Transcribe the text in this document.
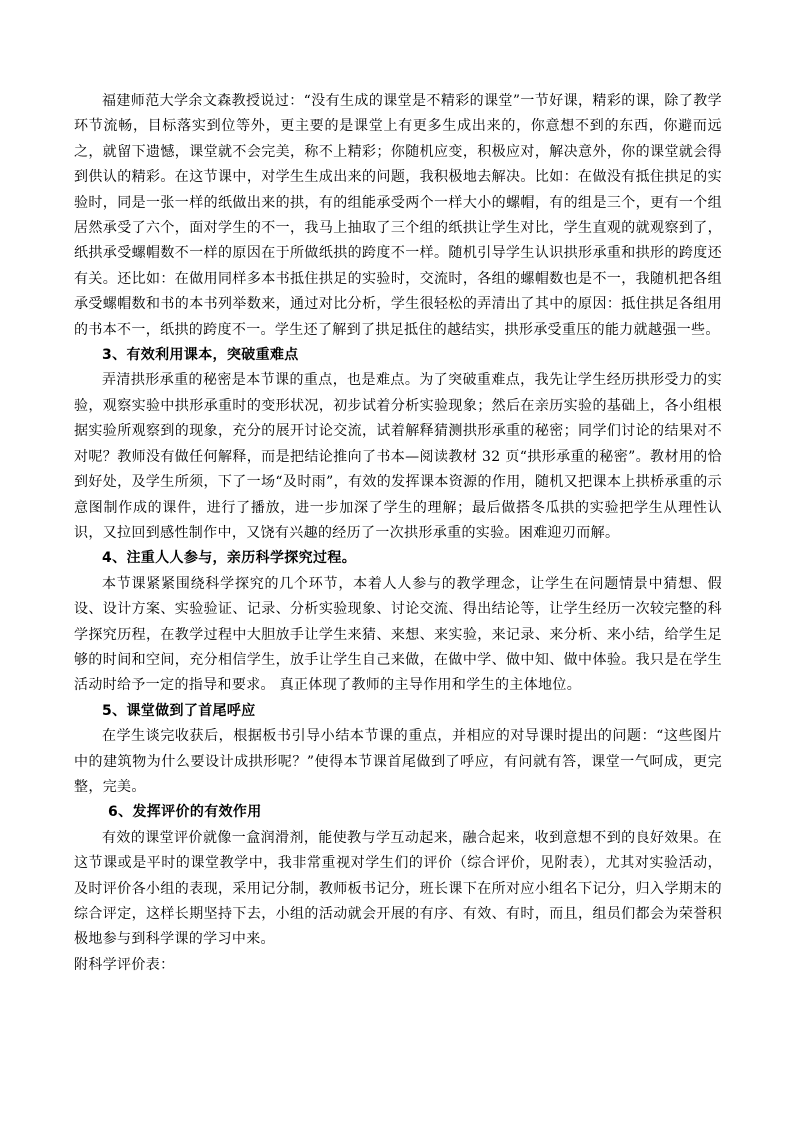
福建师范大学余文森教授说过：“没有生成的课堂是不精彩的课堂”一节好课，精彩的课，除了教学环节流畅，目标落实到位等外，更主要的是课堂上有更多生成出来的，你意想不到的东西，你避而远之，就留下遗憾，课堂就不会完美，称不上精彩；你随机应变，积极应对，解决意外，你的课堂就会得到供认的精彩。在这节课中，对学生生成出来的问题，我积极地去解决。比如：在做没有抵住拱足的实验时，同是一张一样的纸做出来的拱，有的组能承受两个一样大小的螺帽，有的组是三个，更有一个组居然承受了六个，面对学生的不一，我马上抽取了三个组的纸拱让学生对比，学生直观的就观察到了，纸拱承受螺帽数不一样的原因在于所做纸拱的跨度不一样。随机引导学生认识拱形承重和拱形的跨度还有关。还比如：在做用同样多本书抵住拱足的实验时，交流时，各组的螺帽数也是不一，我随机把各组承受螺帽数和书的本书列举数来，通过对比分析，学生很轻松的弄清出了其中的原因：抵住拱足各组用的书本不一，纸拱的跨度不一。学生还了解到了拱足抵住的越结实，拱形承受重压的能力就越强一些。

3、有效利用课本，突破重难点

弄清拱形承重的秘密是本节课的重点，也是难点。为了突破重难点，我先让学生经历拱形受力的实验，观察实验中拱形承重时的变形状况，初步试着分析实验现象；然后在亲历实验的基础上，各小组根据实验所观察到的现象，充分的展开讨论交流，试着解释猜测拱形承重的秘密；同学们讨论的结果对不对呢？教师没有做任何解释，而是把结论推向了书本—阅读教材 32 页“拱形承重的秘密”。教材用的恰到好处，及学生所须，下了一场“及时雨”，有效的发挥课本资源的作用，随机又把课本上拱桥承重的示意图制作成的课件，进行了播放，进一步加深了学生的理解；最后做搭冬瓜拱的实验把学生从理性认识，又拉回到感性制作中，又饶有兴趣的经历了一次拱形承重的实验。困难迎刃而解。

4、注重人人参与，亲历科学探究过程。

本节课紧紧围绕科学探究的几个环节，本着人人参与的教学理念，让学生在问题情景中猜想、假设、设计方案、实验验证、记录、分析实验现象、讨论交流、得出结论等，让学生经历一次较完整的科学探究历程，在教学过程中大胆放手让学生来猜、来想、来实验，来记录、来分析、来小结，给学生足够的时间和空间，充分相信学生，放手让学生自己来做，在做中学、做中知、做中体验。我只是在学生活动时给予一定的指导和要求。 真正体现了教师的主导作用和学生的主体地位。

5、课堂做到了首尾呼应

在学生谈完收获后，根据板书引导小结本节课的重点，并相应的对导课时提出的问题：“这些图片中的建筑物为什么要设计成拱形呢？”使得本节课首尾做到了呼应，有问就有答，课堂一气呵成，更完整，完美。

6、发挥评价的有效作用

有效的课堂评价就像一盒润滑剂，能使教与学互动起来，融合起来，收到意想不到的良好效果。在这节课或是平时的课堂教学中，我非常重视对学生们的评价（综合评价，见附表），尤其对实验活动，及时评价各小组的表现，采用记分制，教师板书记分，班长课下在所对应小组名下记分，归入学期末的综合评定，这样长期坚持下去，小组的活动就会开展的有序、有效、有时，而且，组员们都会为荣誉积极地参与到科学课的学习中来。

附科学评价表：
